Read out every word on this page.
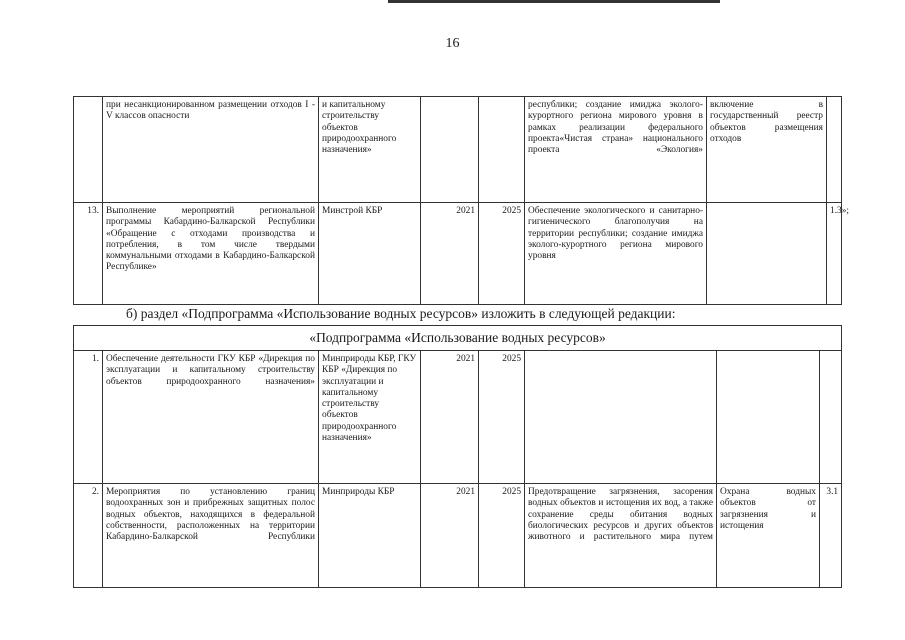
16
	при несанкционированном размещении отходов I - V классов опасности	и капитальному строительству объектов природоохранного назначения»			республики; создание имиджа эколого-курортного региона мирового уровня в рамках реализации федерального проекта«Чистая страна» национального проекта «Экология»	включение в государственный реестр объектов размещения отходов	
13.	Выполнение мероприятий региональной программы Кабардино-Балкарской Республики «Обращение с отходами производства и потребления, в том числе твердыми коммунальными отходами в Кабардино-Балкарской Республике»	Минстрой КБР	2021	2025	Обеспечение экологического и санитарно-гигиенического благополучия на территории республики; создание имиджа эколого-курортного региона мирового уровня		1.3»;
б) раздел «Подпрограмма «Использование водных ресурсов» изложить в следующей редакции:
«Подпрограмма «Использование водных ресурсов»							
1.	Обеспечение деятельности ГКУ КБР «Дирекция по эксплуатации и капитальному строительству объектов природоохранного назначения»	Минприроды КБР, ГКУ КБР «Дирекция по эксплуатации и капитальному строительству объектов природоохранного назначения»	2021	2025			
2.	Мероприятия по установлению границ водоохранных зон и прибрежных защитных полос водных объектов, находящихся в федеральной собственности, расположенных на территории Кабардино-Балкарской Республики	Минприроды КБР	2021	2025	Предотвращение загрязнения, засорения водных объектов и истощения их вод, а также сохранение среды обитания водных биологических ресурсов и других объектов животного и растительного мира путем	Охрана водных объектов от загрязнения и истощения	3.1
